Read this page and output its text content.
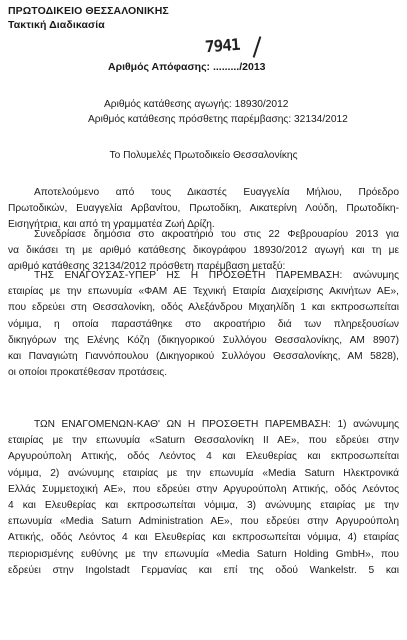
ΠΡΩΤΟΔΙΚΕΙΟ ΘΕΣΣΑΛΟΝΙΚΗΣ
Τακτική Διαδικασία
7941
Αριθμός Απόφασης: ........./2013
Αριθμός κατάθεσης αγωγής: 18930/2012
Αριθμός κατάθεσης πρόσθετης παρέμβασης: 32134/2012
Το Πολυμελές Πρωτοδικείο Θεσσαλονίκης
Αποτελούμενο από τους Δικαστές Ευαγγελία Μήλιου, Πρόεδρο
Πρωτοδικών, Ευαγγελία Αρβανίτου, Πρωτοδίκη, Αικατερίνη Λούδη, Πρωτοδίκη-
Εισηγήτρια, και από τη γραμματέα Ζωή Δρίζη.
Συνεδρίασε δημόσια στο ακροατήριό του στις 22 Φεβρουαρίου 2013 για
να δικάσει τη με αριθμό κατάθεσης δικογράφου 18930/2012 αγωγή και τη με
αριθμό κατάθεσης 32134/2012 πρόσθετη παρέμβαση μεταξύ:
ΤΗΣ ΕΝΑΓΟΥΣΑΣ-ΥΠΕΡ ΗΣ Η ΠΡΟΣΘΕΤΗ ΠΑΡΕΜΒΑΣΗ: ανώνυμης
εταιρίας με την επωνυμία «ΦΑΜ ΑΕ Τεχνική Εταιρία Διαχείρισης Ακινήτων ΑΕ»,
που εδρεύει στη Θεσσαλονίκη, οδός Αλεξάνδρου Μιχαηλίδη 1 και εκπροσωπείται
νόμιμα, η οποία παραστάθηκε στο ακροατήριο διά των πληρεξουσίων
δικηγόρων της Ελένης Κόζη (δικηγορικού Συλλόγου Θεσσαλονίκης, ΑΜ 8907)
και Παναγιώτη Γιαννόπουλου (Δικηγορικού Συλλόγου Θεσσαλονίκης, ΑΜ 5828),
οι οποίοι προκατέθεσαν προτάσεις.
ΤΩΝ ΕΝΑΓΟΜΕΝΩΝ-ΚΑΘ' ΩΝ Η ΠΡΟΣΘΕΤΗ ΠΑΡΕΜΒΑΣΗ: 1) ανώνυμης
εταιρίας με την επωνυμία «Saturn Θεσσαλονίκη ΙΙ ΑΕ», που εδρεύει στην
Αργυρούπολη Αττικής, οδός Λεόντος 4 και Ελευθερίας και εκπροσωπείται
νόμιμα, 2) ανώνυμης εταιρίας με την επωνυμία «Media Saturn Ηλεκτρονικά
Ελλάς Συμμετοχική ΑΕ», που εδρεύει στην Αργυρούπολη Αττικής, οδός Λεόντος
4 και Ελευθερίας και εκπροσωπείται νόμιμα, 3) ανώνυμης εταιρίας με την
επωνυμία «Media Saturn Administration AE», που εδρεύει στην Αργυρούπολη
Αττικής, οδός Λεόντος 4 και Ελευθερίας και εκπροσωπείται νόμιμα, 4) εταιρίας
περιορισμένης ευθύνης με την επωνυμία «Media Saturn Holding GmbH», που
εδρεύει στην Ingolstadt Γερμανίας και επί της οδού Wankelstr. 5 και
